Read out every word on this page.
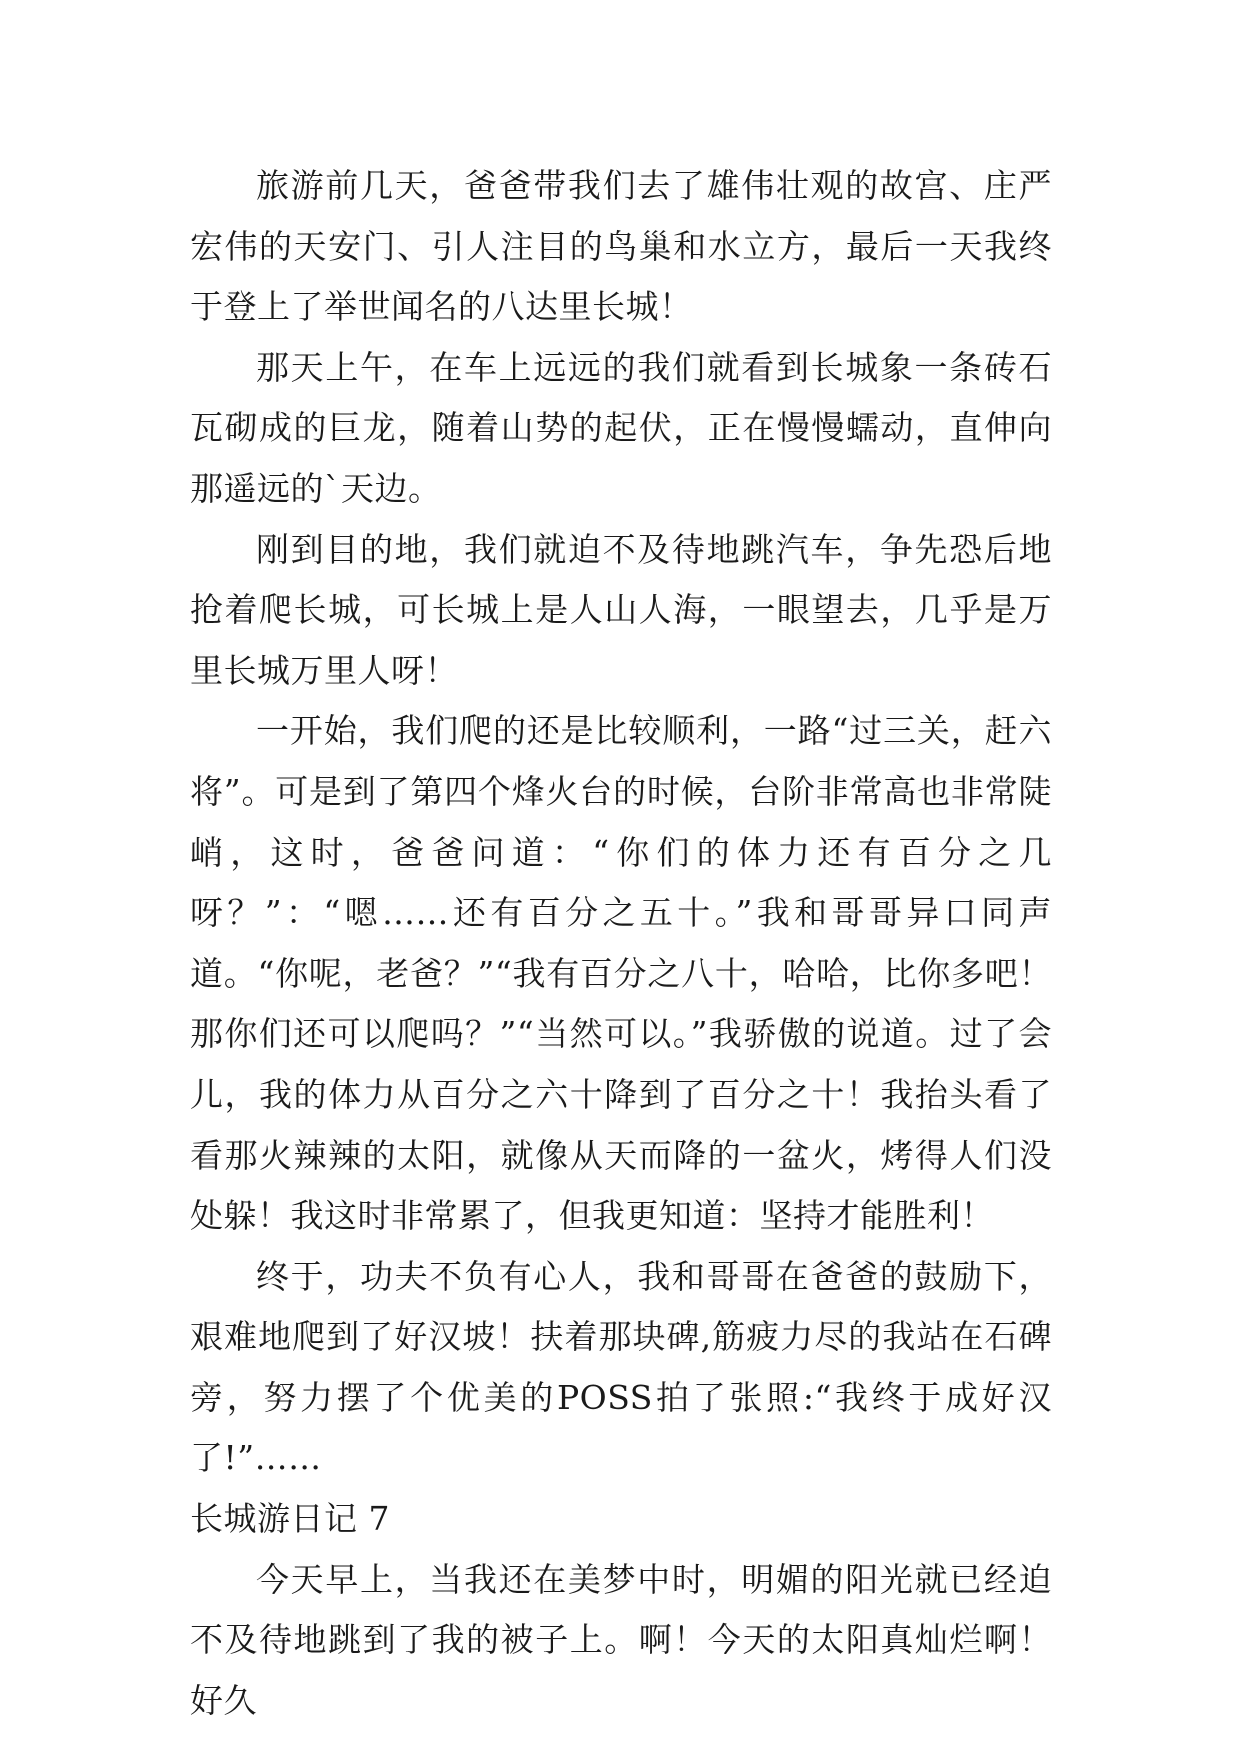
旅游前几天，爸爸带我们去了雄伟壮观的故宫、庄严宏伟的天安门、引人注目的鸟巢和水立方，最后一天我终于登上了举世闻名的八达里长城！

那天上午，在车上远远的我们就看到长城象一条砖石瓦砌成的巨龙，随着山势的起伏，正在慢慢蠕动，直伸向那遥远的`天边。

刚到目的地，我们就迫不及待地跳汽车，争先恐后地抢着爬长城，可长城上是人山人海，一眼望去，几乎是万里长城万里人呀！

一开始，我们爬的还是比较顺利，一路“过三关，赶六将”。可是到了第四个烽火台的时候，台阶非常高也非常陡峭，这时，爸爸问道：“你们的体力还有百分之几呀？”：“嗯……还有百分之五十。”我和哥哥异口同声道。“你呢，老爸？”“我有百分之八十，哈哈，比你多吧！那你们还可以爬吗？”“当然可以。”我骄傲的说道。过了会儿，我的体力从百分之六十降到了百分之十！我抬头看了看那火辣辣的太阳，就像从天而降的一盆火，烤得人们没处躲！我这时非常累了，但我更知道：坚持才能胜利！

终于，功夫不负有心人，我和哥哥在爸爸的鼓励下，艰难地爬到了好汉坡！扶着那块碑,筋疲力尽的我站在石碑旁，努力摆了个优美的POSS拍了张照:“我终于成好汉了!”……

长城游日记 7

今天早上，当我还在美梦中时，明媚的阳光就已经迫不及待地跳到了我的被子上。啊！今天的太阳真灿烂啊！好久
